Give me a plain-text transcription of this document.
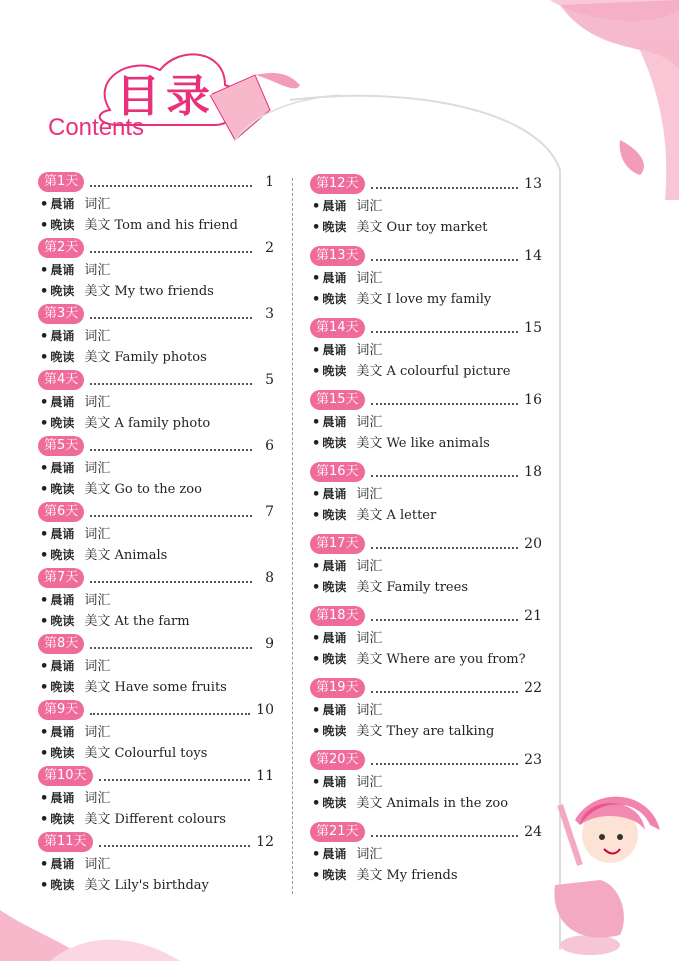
目录
Contents
第1天	1
• 晨诵 词汇
• 晚读 美文 Tom and his friend
第2天	2
• 晨诵 词汇
• 晚读 美文 My two friends
第3天	3
• 晨诵 词汇
• 晚读 美文 Family photos
第4天	5
• 晨诵 词汇
• 晚读 美文 A family photo
第5天	6
• 晨诵 词汇
• 晚读 美文 Go to the zoo
第6天	7
• 晨诵 词汇
• 晚读 美文 Animals
第7天	8
• 晨诵 词汇
• 晚读 美文 At the farm
第8天	9
• 晨诵 词汇
• 晚读 美文 Have some fruits
第9天	10
• 晨诵 词汇
• 晚读 美文 Colourful toys
第10天	11
• 晨诵 词汇
• 晚读 美文 Different colours
第11天	12
• 晨诵 词汇
• 晚读 美文 Lily's birthday
第12天	13
• 晨诵 词汇
• 晚读 美文 Our toy market
第13天	14
• 晨诵 词汇
• 晚读 美文 I love my family
第14天	15
• 晨诵 词汇
• 晚读 美文 A colourful picture
第15天	16
• 晨诵 词汇
• 晚读 美文 We like animals
第16天	18
• 晨诵 词汇
• 晚读 美文 A letter
第17天	20
• 晨诵 词汇
• 晚读 美文 Family trees
第18天	21
• 晨诵 词汇
• 晚读 美文 Where are you from?
第19天	22
• 晨诵 词汇
• 晚读 美文 They are talking
第20天	23
• 晨诵 词汇
• 晚读 美文 Animals in the zoo
第21天	24
• 晨诵 词汇
• 晚读 美文 My friends
